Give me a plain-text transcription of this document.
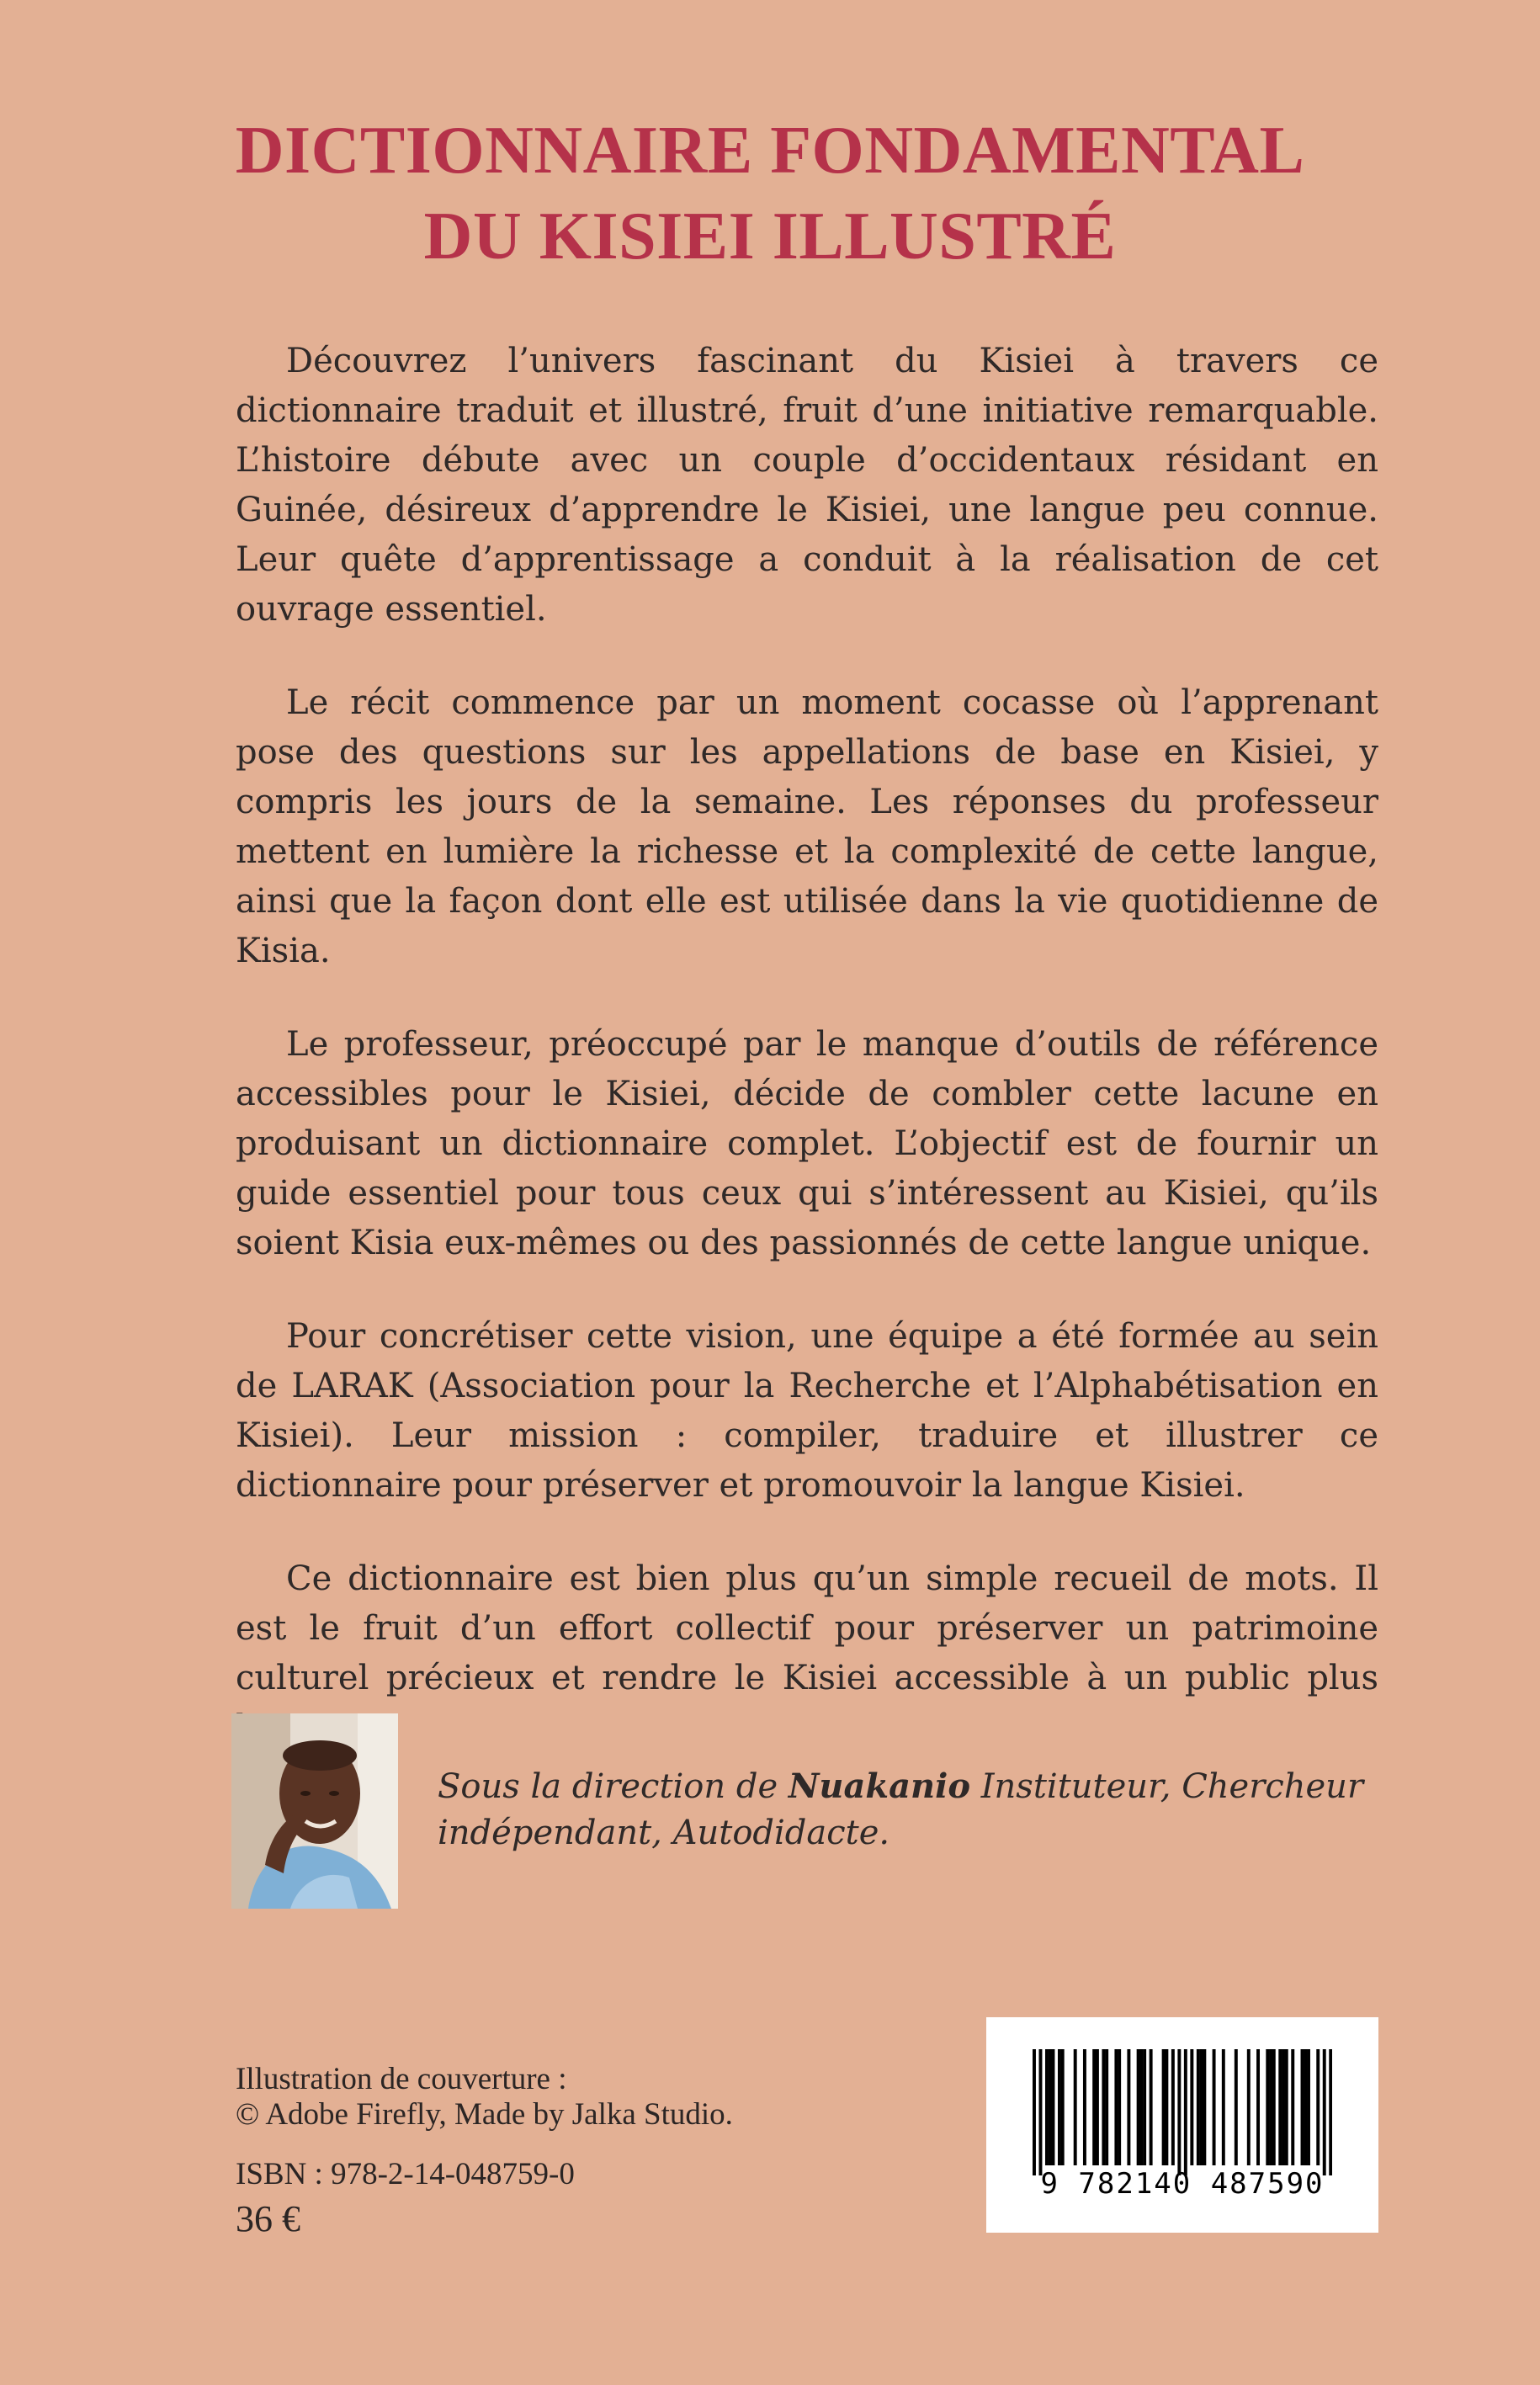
DICTIONNAIRE FONDAMENTAL
DU KISIEI ILLUSTRÉ

Découvrez l’univers fascinant du Kisiei à travers ce dictionnaire traduit et illustré, fruit d’une initiative remarquable. L’histoire débute avec un couple d’occidentaux résidant en Guinée, désireux d’apprendre le Kisiei, une langue peu connue. Leur quête d’apprentissage a conduit à la réalisation de cet ouvrage essentiel.

Le récit commence par un moment cocasse où l’apprenant pose des questions sur les appellations de base en Kisiei, y compris les jours de la semaine. Les réponses du professeur mettent en lumière la richesse et la complexité de cette langue, ainsi que la façon dont elle est utilisée dans la vie quotidienne de Kisia.

Le professeur, préoccupé par le manque d’outils de référence accessibles pour le Kisiei, décide de combler cette lacune en produisant un dictionnaire complet. L’objectif est de fournir un guide essentiel pour tous ceux qui s’intéressent au Kisiei, qu’ils soient Kisia eux-mêmes ou des passionnés de cette langue unique.

Pour concrétiser cette vision, une équipe a été formée au sein de LARAK (Association pour la Recherche et l’Alphabétisation en Kisiei). Leur mission : compiler, traduire et illustrer ce dictionnaire pour préserver et promouvoir la langue Kisiei.

Ce dictionnaire est bien plus qu’un simple recueil de mots. Il est le fruit d’un effort collectif pour préserver un patrimoine culturel précieux et rendre le Kisiei accessible à un public plus

Sous la direction de Nuakanio Instituteur, Chercheur indépendant, Autodidacte.
Illustration de couverture :
© Adobe Firefly, Made by Jalka Studio.
ISBN : 978-2-14-048759-0
36 €
9 782140 487590
